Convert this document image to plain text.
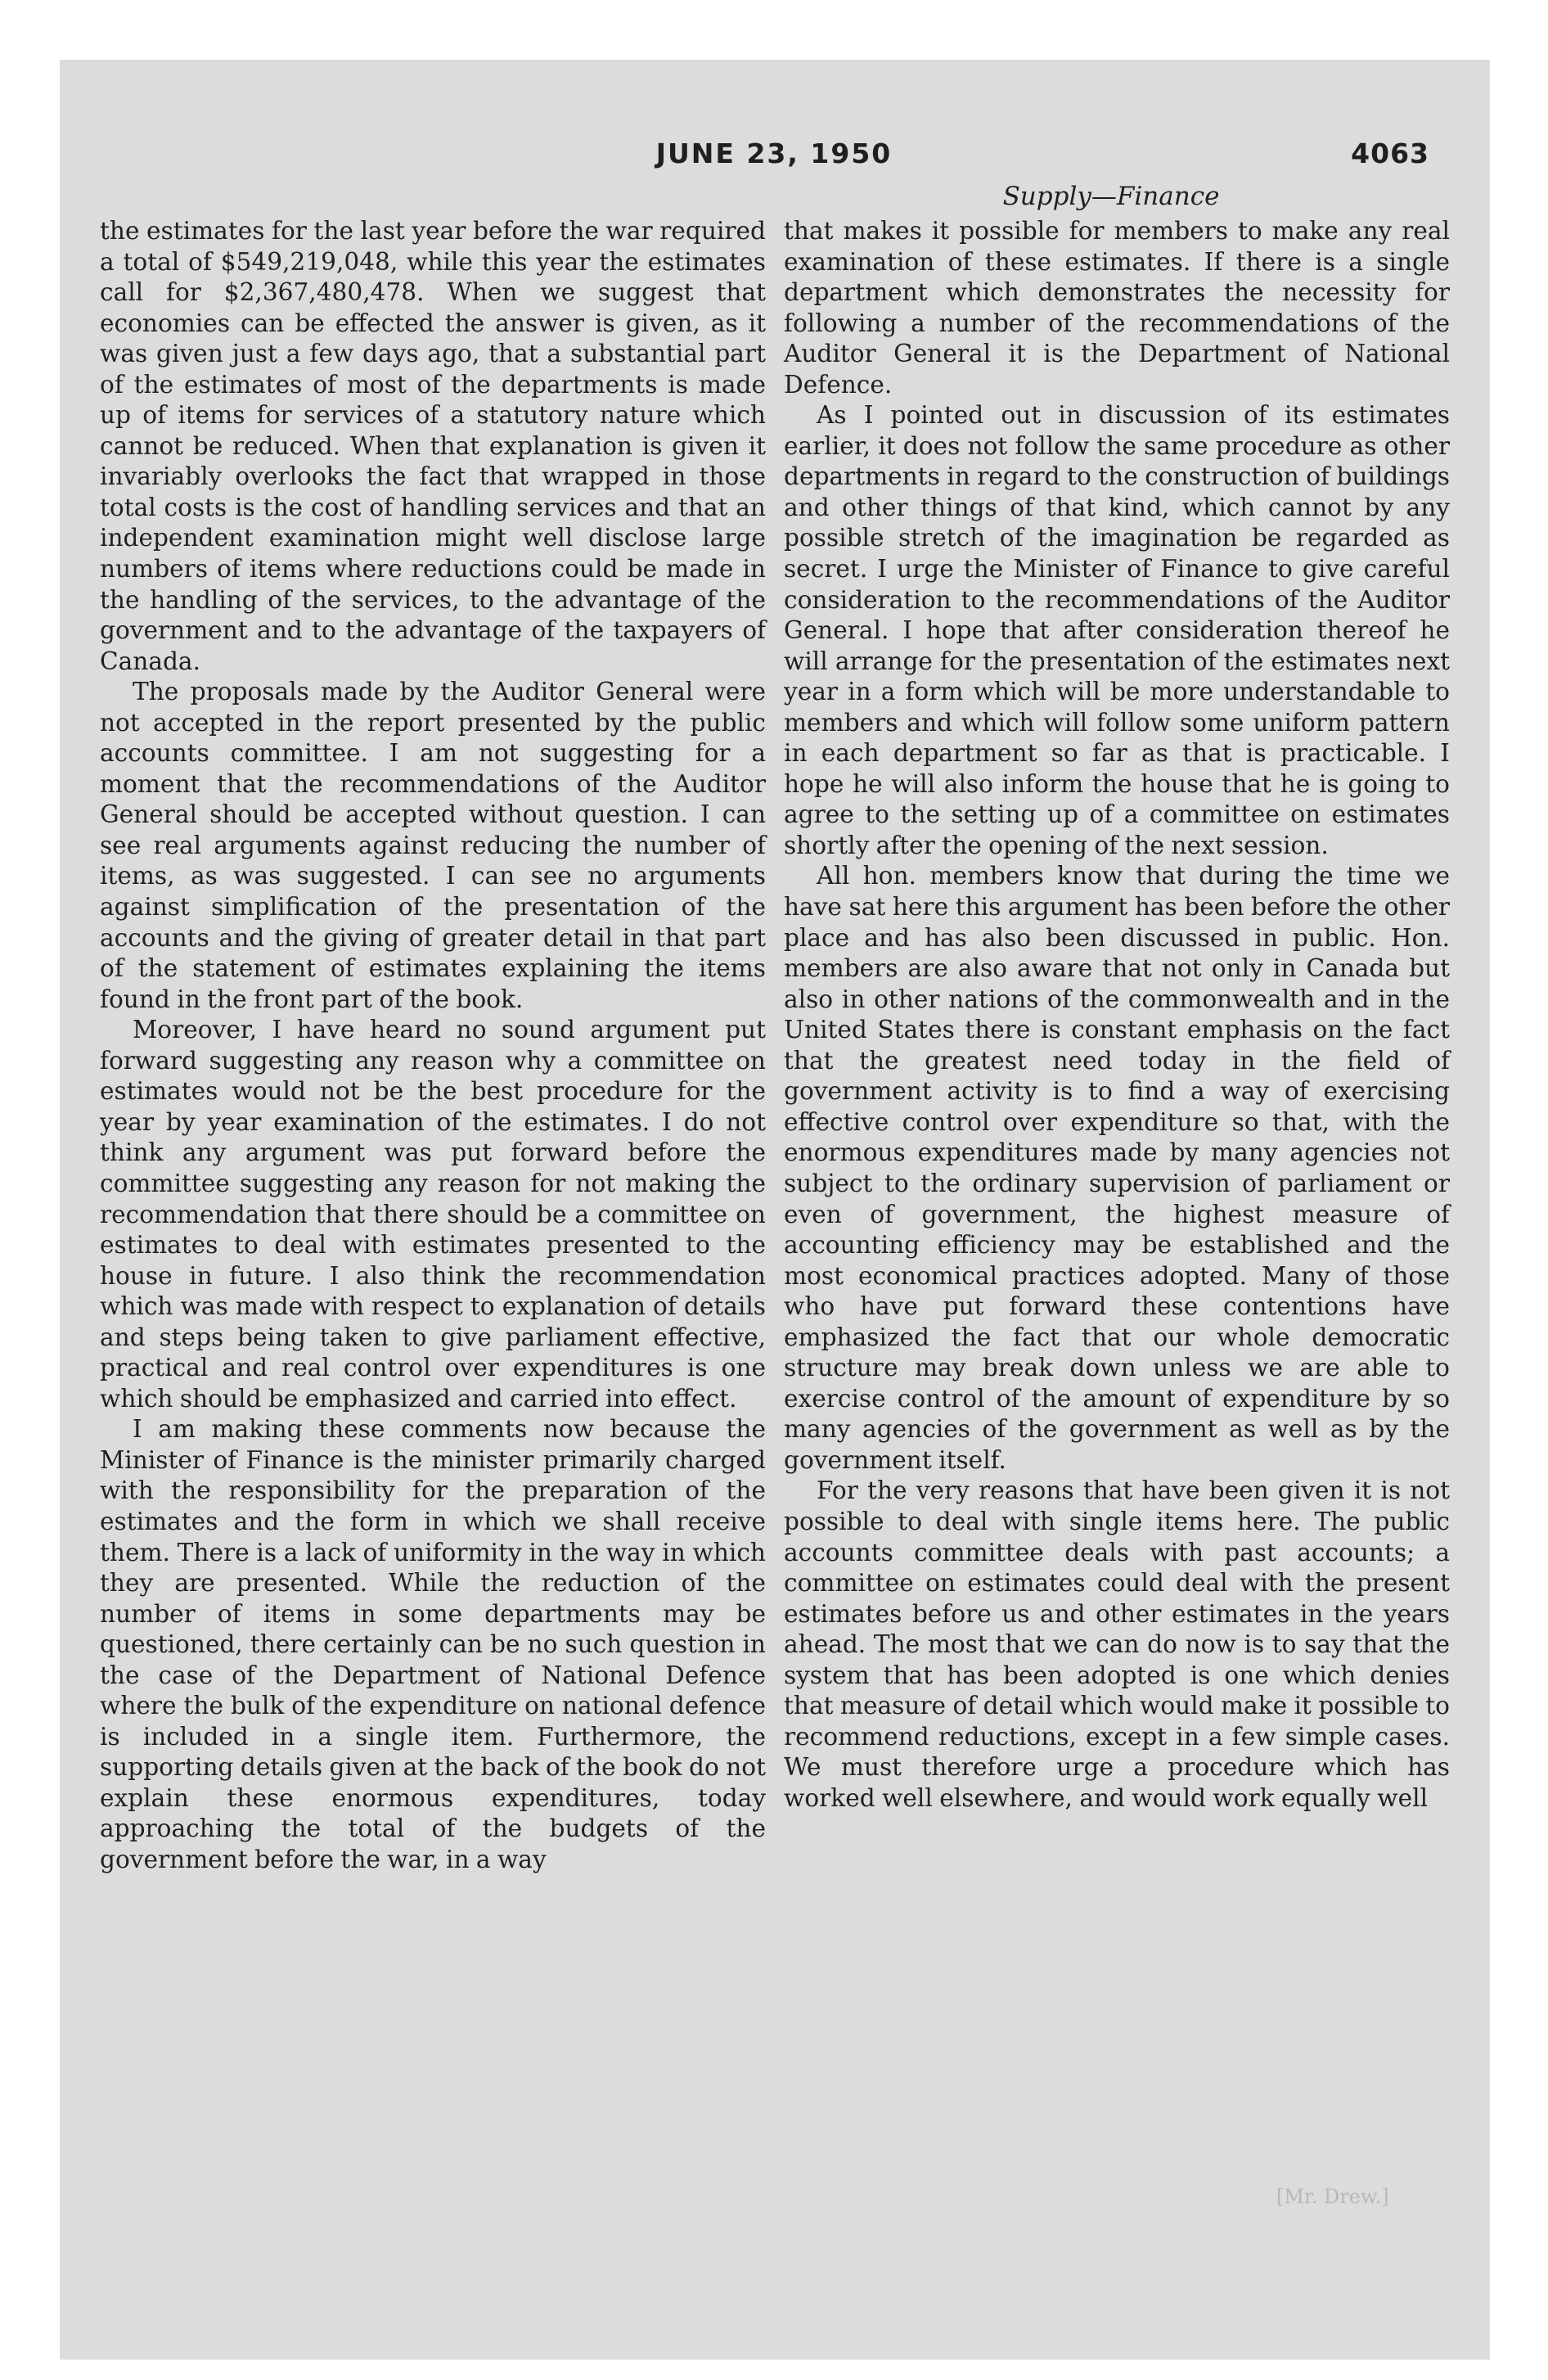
JUNE 23, 1950	4063
Supply—Finance

the estimates for the last year before the war required a total of $549,219,048, while this year the estimates call for $2,367,480,478. When we suggest that economies can be effected the answer is given, as it was given just a few days ago, that a substantial part of the estimates of most of the departments is made up of items for services of a statutory nature which cannot be reduced. When that explanation is given it invariably overlooks the fact that wrapped in those total costs is the cost of handling services and that an independent examination might well disclose large numbers of items where reductions could be made in the handling of the services, to the advantage of the government and to the advantage of the taxpayers of Canada.

The proposals made by the Auditor General were not accepted in the report presented by the public accounts committee. I am not suggesting for a moment that the recommendations of the Auditor General should be accepted without question. I can see real arguments against reducing the number of items, as was suggested. I can see no arguments against simplification of the presentation of the accounts and the giving of greater detail in that part of the statement of estimates explaining the items found in the front part of the book.

Moreover, I have heard no sound argument put forward suggesting any reason why a committee on estimates would not be the best procedure for the year by year examination of the estimates. I do not think any argument was put forward before the committee suggesting any reason for not making the recommendation that there should be a committee on estimates to deal with estimates presented to the house in future. I also think the recommendation which was made with respect to explanation of details and steps being taken to give parliament effective, practical and real control over expenditures is one which should be emphasized and carried into effect.

I am making these comments now because the Minister of Finance is the minister primarily charged with the responsibility for the preparation of the estimates and the form in which we shall receive them. There is a lack of uniformity in the way in which they are presented. While the reduction of the number of items in some departments may be questioned, there certainly can be no such question in the case of the Department of National Defence where the bulk of the expenditure on national defence is included in a single item. Furthermore, the supporting details given at the back of the book do not explain these enormous expenditures, today approaching the total of the budgets of the government before the war, in a way

that makes it possible for members to make any real examination of these estimates. If there is a single department which demonstrates the necessity for following a number of the recommendations of the Auditor General it is the Department of National Defence.

As I pointed out in discussion of its estimates earlier, it does not follow the same procedure as other departments in regard to the construction of buildings and other things of that kind, which cannot by any possible stretch of the imagination be regarded as secret. I urge the Minister of Finance to give careful consideration to the recommendations of the Auditor General. I hope that after consideration thereof he will arrange for the presentation of the estimates next year in a form which will be more understandable to members and which will follow some uniform pattern in each department so far as that is practicable. I hope he will also inform the house that he is going to agree to the setting up of a committee on estimates shortly after the opening of the next session.

All hon. members know that during the time we have sat here this argument has been before the other place and has also been discussed in public. Hon. members are also aware that not only in Canada but also in other nations of the commonwealth and in the United States there is constant emphasis on the fact that the greatest need today in the field of government activity is to find a way of exercising effective control over expenditure so that, with the enormous expenditures made by many agencies not subject to the ordinary supervision of parliament or even of government, the highest measure of accounting efficiency may be established and the most economical practices adopted. Many of those who have put forward these contentions have emphasized the fact that our whole democratic structure may break down unless we are able to exercise control of the amount of expenditure by so many agencies of the government as well as by the government itself.

For the very reasons that have been given it is not possible to deal with single items here. The public accounts committee deals with past accounts; a committee on estimates could deal with the present estimates before us and other estimates in the years ahead. The most that we can do now is to say that the system that has been adopted is one which denies that measure of detail which would make it possible to recommend reductions, except in a few simple cases. We must therefore urge a procedure which has worked well elsewhere, and would work equally well

[Mr. Drew.]
